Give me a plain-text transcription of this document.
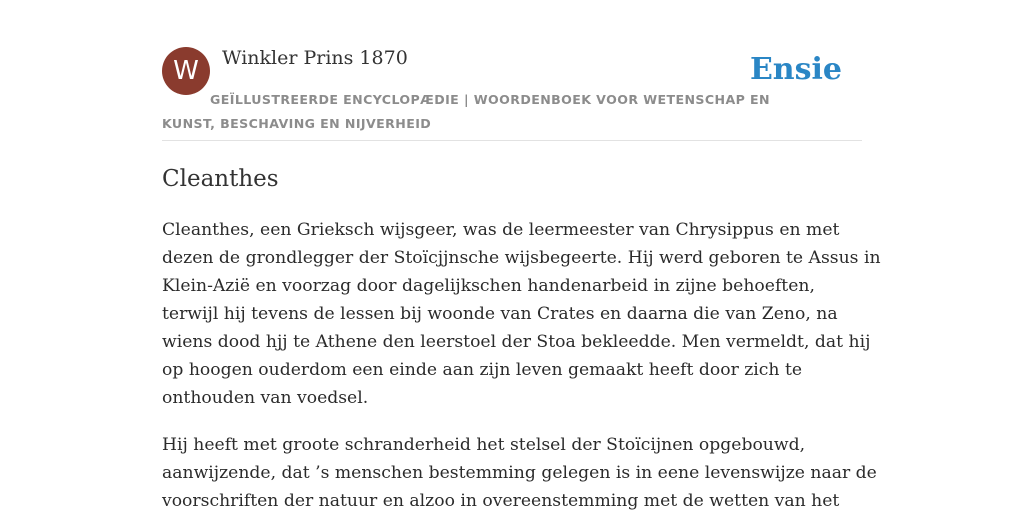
W	Winkler Prins 1870	Ensie
GEÏLLUSTREERDE ENCYCLOPÆDIE | WOORDENBOEK VOOR WETENSCHAP EN KUNST, BESCHAVING EN NIJVERHEID
Cleanthes

Cleanthes, een Grieksch wijsgeer, was de leermeester van Chrysippus en met
dezen de grondlegger der Stoïcjjnsche wijsbegeerte. Hij werd geboren te Assus in
Klein-Azië en voorzag door dagelijkschen handenarbeid in zijne behoeften,
terwijl hij tevens de lessen bij woonde van Crates en daarna die van Zeno, na
wiens dood hjj te Athene den leerstoel der Stoa bekleedde. Men vermeldt, dat hij
op hoogen ouderdom een einde aan zijn leven gemaakt heeft door zich te
onthouden van voedsel.

Hij heeft met groote schranderheid het stelsel der Stoïcijnen opgebouwd,
aanwijzende, dat ’s menschen bestemming gelegen is in eene levenswijze naar de
voorschriften der natuur en alzoo in overeenstemming met de wetten van het
